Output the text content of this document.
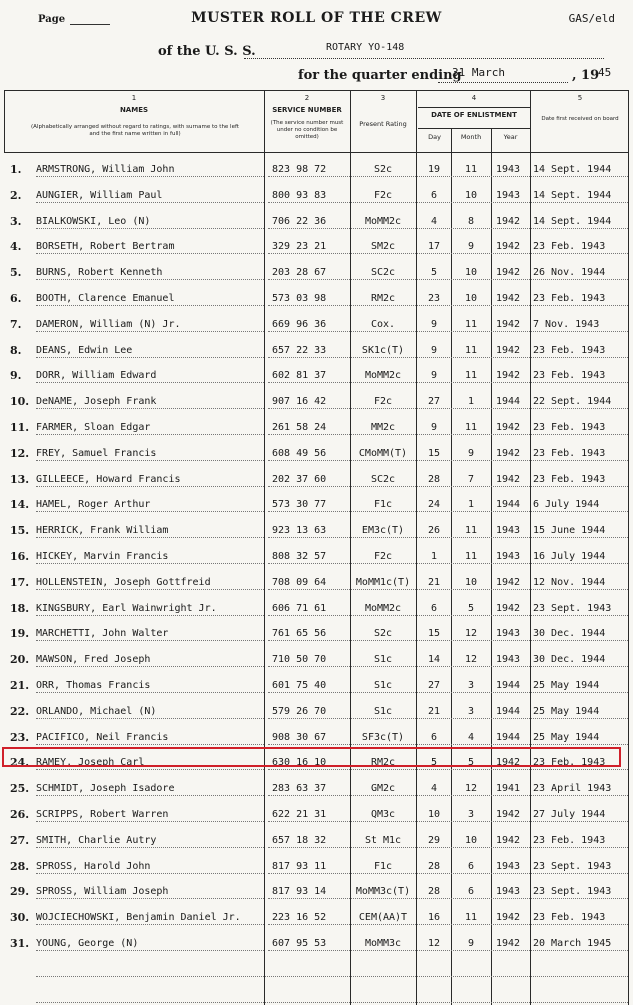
Page	MUSTER ROLL OF THE CREW	GAS/eld
of the U. S. S.	ROTARY YO-148
for the quarter ending
31 March	, 19
45
1
NAMES
(Alphabetically arranged without regard to ratings, with surname to the left and the first name written in full)
2
SERVICE NUMBER
(The service number must under no condition be omitted)
3
Present Rating
4
DATE OF ENLISTMENT
Day	Month	Year
5
Date first received on board
1. ARMSTRONG, William John	823 98 72	S2c	19	11	1943 14 Sept. 1944
2. AUNGIER, William Paul	800 93 83	F2c	6	10	1943 14 Sept. 1944
3. BIALKOWSKI, Leo (N)	706 22 36	MoMM2c	4	8	1942 14 Sept. 1944
4. BORSETH, Robert Bertram	329 23 21	SM2c	17	9	1942 23 Feb. 1943
5. BURNS, Robert Kenneth	203 28 67	SC2c	5	10	1942 26 Nov. 1944
6. BOOTH, Clarence Emanuel	573 03 98	RM2c	23	10	1942 23 Feb. 1943
7. DAMERON, William (N) Jr.	669 96 36	Cox.	9	11	1942 7 Nov. 1943
8. DEANS, Edwin Lee	657 22 33	SK1c(T)	9	11	1942 23 Feb. 1943
9. DORR, William Edward	602 81 37	MoMM2c	9	11	1942 23 Feb. 1943
10. DeNAME, Joseph Frank	907 16 42	F2c	27	1	1944 22 Sept. 1944
11. FARMER, Sloan Edgar	261 58 24	MM2c	9	11	1942 23 Feb. 1943
12. FREY, Samuel Francis	608 49 56	CMoMM(T)	15	9	1942 23 Feb. 1943
13. GILLEECE, Howard Francis	202 37 60	SC2c	28	7	1942 23 Feb. 1943
14. HAMEL, Roger Arthur	573 30 77	F1c	24	1	1944 6 July 1944
15. HERRICK, Frank William	923 13 63	EM3c(T)	26	11	1943 15 June 1944
16. HICKEY, Marvin Francis	808 32 57	F2c	1	11	1943 16 July 1944
17. HOLLENSTEIN, Joseph Gottfreid	708 09 64	MoMM1c(T)	21	10	1942 12 Nov. 1944
18. KINGSBURY, Earl Wainwright Jr.	606 71 61	MoMM2c	6	5	1942 23 Sept. 1943
19. MARCHETTI, John Walter	761 65 56	S2c	15	12	1943 30 Dec. 1944
20. MAWSON, Fred Joseph	710 50 70	S1c	14	12	1943 30 Dec. 1944
21. ORR, Thomas Francis	601 75 40	S1c	27	3	1944 25 May 1944
22. ORLANDO, Michael (N)	579 26 70	S1c	21	3	1944 25 May 1944
23. PACIFICO, Neil Francis	908 30 67	SF3c(T)	6	4	1944 25 May 1944
24. RAMEY, Joseph Carl	630 16 10	RM2c	5	5	1942 23 Feb. 1943
25. SCHMIDT, Joseph Isadore	283 63 37	GM2c	4	12	1941 23 April 1943
26. SCRIPPS, Robert Warren	622 21 31	QM3c	10	3	1942 27 July 1944
27. SMITH, Charlie Autry	657 18 32	St M1c	29	10	1942 23 Feb. 1943
28. SPROSS, Harold John	817 93 11	F1c	28	6	1943 23 Sept. 1943
29. SPROSS, William Joseph	817 93 14	MoMM3c(T)	28	6	1943 23 Sept. 1943
30. WOJCIECHOWSKI, Benjamin Daniel Jr.	223 16 52	CEM(AA)T	16	11	1942 23 Feb. 1943
31. YOUNG, George (N)	607 95 53	MoMM3c	12	9	1942 20 March 1945
